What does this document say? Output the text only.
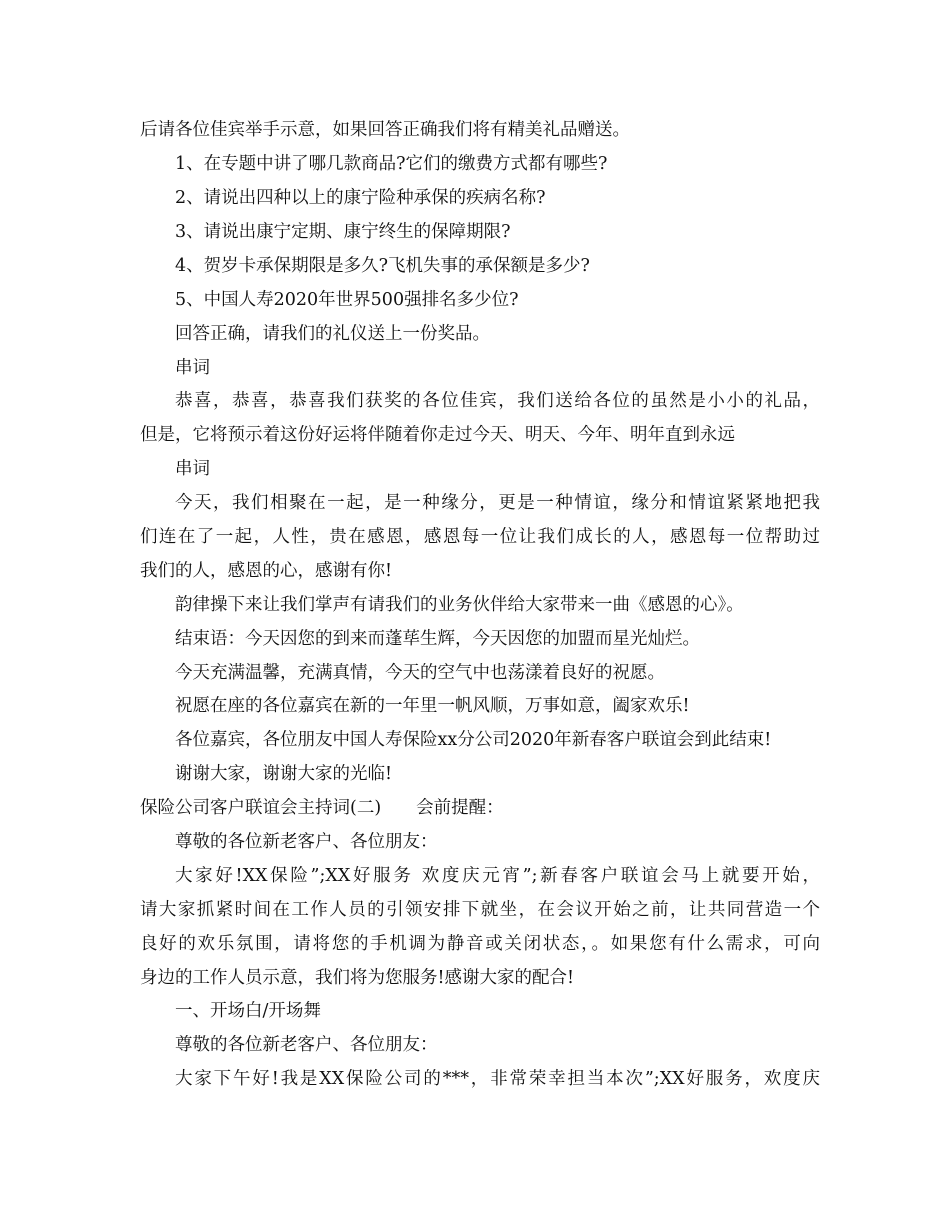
后请各位佳宾举手示意，如果回答正确我们将有精美礼品赠送。
1、在专题中讲了哪几款商品?它们的缴费方式都有哪些?
2、请说出四种以上的康宁险种承保的疾病名称?
3、请说出康宁定期、康宁终生的保障期限?
4、贺岁卡承保期限是多久?飞机失事的承保额是多少?
5、中国人寿2020年世界500强排名多少位?
回答正确，请我们的礼仪送上一份奖品。
串词
恭喜，恭喜，恭喜我们获奖的各位佳宾，我们送给各位的虽然是小小的礼品，
但是，它将预示着这份好运将伴随着你走过今天、明天、今年、明年直到永远
串词
今天，我们相聚在一起，是一种缘分，更是一种情谊，缘分和情谊紧紧地把我
们连在了一起，人性，贵在感恩，感恩每一位让我们成长的人，感恩每一位帮助过
我们的人，感恩的心，感谢有你!
韵律操下来让我们掌声有请我们的业务伙伴给大家带来一曲《感恩的心》。
结束语：今天因您的到来而蓬荜生辉，今天因您的加盟而星光灿烂。
今天充满温馨，充满真情，今天的空气中也荡漾着良好的祝愿。
祝愿在座的各位嘉宾在新的一年里一帆风顺，万事如意，阖家欢乐!
各位嘉宾，各位朋友中国人寿保险xx分公司2020年新春客户联谊会到此结束!
谢谢大家，谢谢大家的光临!
保险公司客户联谊会主持词(二)　　会前提醒：
尊敬的各位新老客户、各位朋友：
大家好!XX保险”;XX好服务 欢度庆元宵”;新春客户联谊会马上就要开始，
请大家抓紧时间在工作人员的引领安排下就坐，在会议开始之前，让共同营造一个
良好的欢乐氛围，请将您的手机调为静音或关闭状态，。如果您有什么需求，可向
身边的工作人员示意，我们将为您服务!感谢大家的配合!
一、开场白/开场舞
尊敬的各位新老客户、各位朋友：
大家下午好!我是XX保险公司的***，非常荣幸担当本次”;XX好服务，欢度庆
